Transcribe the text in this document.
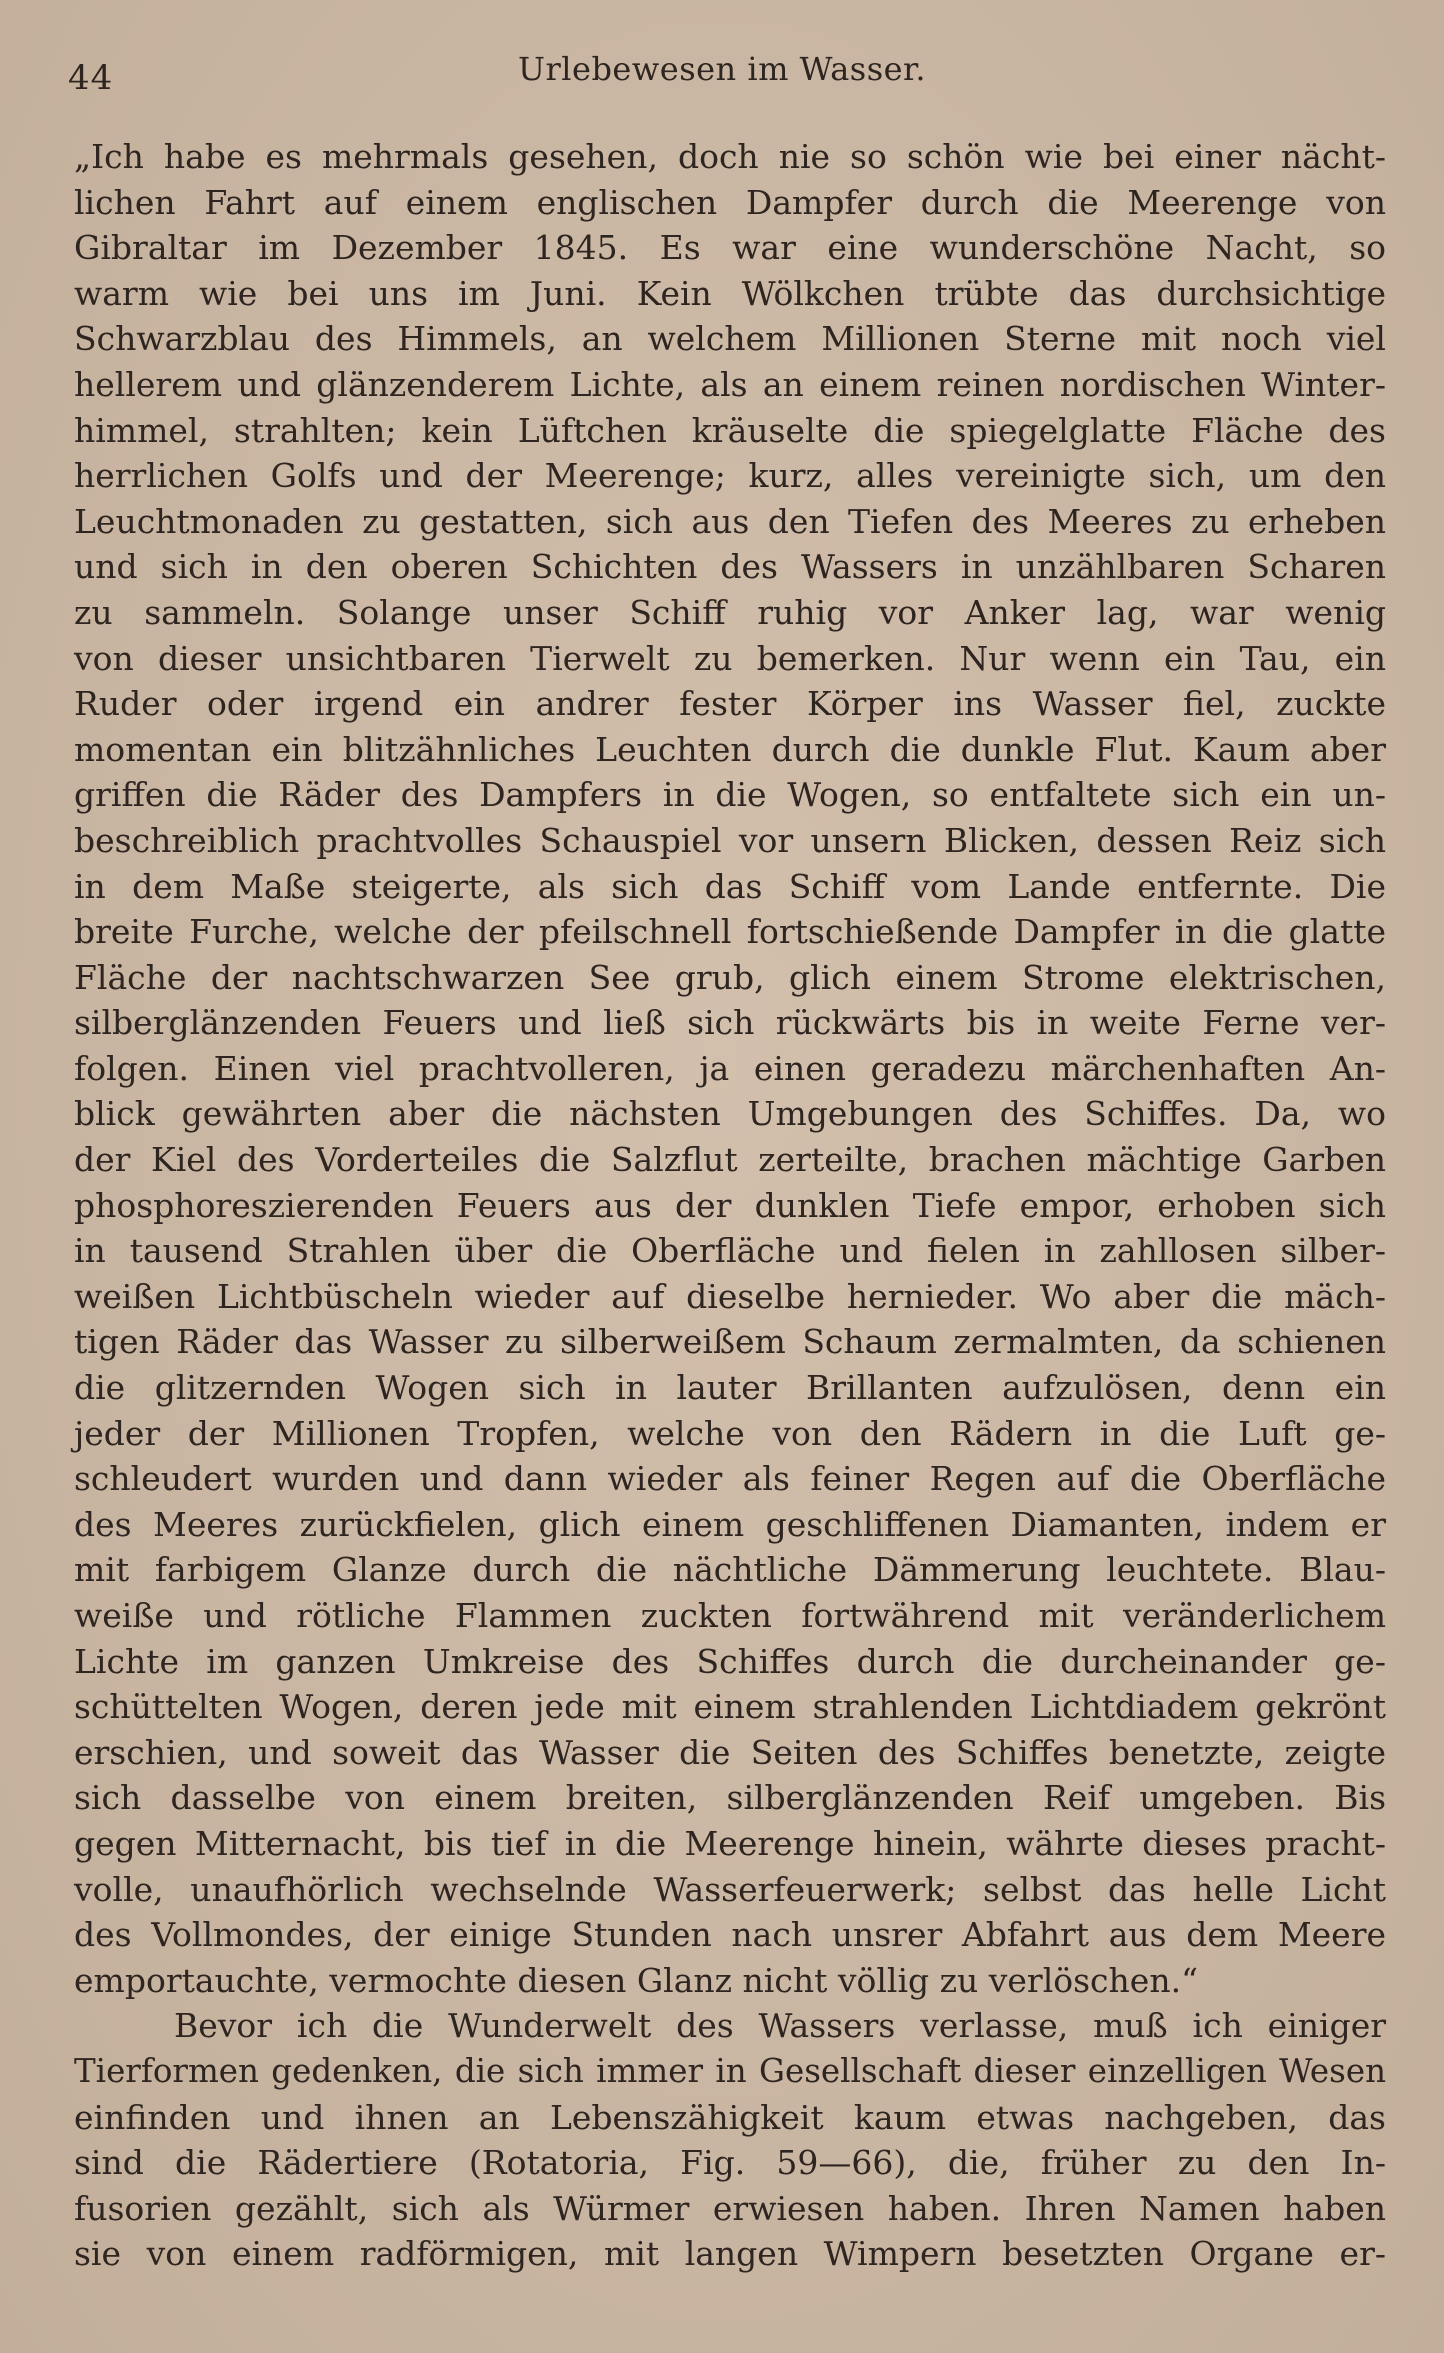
44	Urlebewesen im Wasser.
„Ich habe es mehrmals gesehen, doch nie so schön wie bei einer nächt-
lichen Fahrt auf einem englischen Dampfer durch die Meerenge von
Gibraltar im Dezember 1845. Es war eine wunderschöne Nacht, so
warm wie bei uns im Juni. Kein Wölkchen trübte das durchsichtige
Schwarzblau des Himmels, an welchem Millionen Sterne mit noch viel
hellerem und glänzenderem Lichte, als an einem reinen nordischen Winter-
himmel, strahlten; kein Lüftchen kräuselte die spiegelglatte Fläche des
herrlichen Golfs und der Meerenge; kurz, alles vereinigte sich, um den
Leuchtmonaden zu gestatten, sich aus den Tiefen des Meeres zu erheben
und sich in den oberen Schichten des Wassers in unzählbaren Scharen
zu sammeln. Solange unser Schiff ruhig vor Anker lag, war wenig
von dieser unsichtbaren Tierwelt zu bemerken. Nur wenn ein Tau, ein
Ruder oder irgend ein andrer fester Körper ins Wasser fiel, zuckte
momentan ein blitzähnliches Leuchten durch die dunkle Flut. Kaum aber
griffen die Räder des Dampfers in die Wogen, so entfaltete sich ein un-
beschreiblich prachtvolles Schauspiel vor unsern Blicken, dessen Reiz sich
in dem Maße steigerte, als sich das Schiff vom Lande entfernte. Die
breite Furche, welche der pfeilschnell fortschießende Dampfer in die glatte
Fläche der nachtschwarzen See grub, glich einem Strome elektrischen,
silberglänzenden Feuers und ließ sich rückwärts bis in weite Ferne ver-
folgen. Einen viel prachtvolleren, ja einen geradezu märchenhaften An-
blick gewährten aber die nächsten Umgebungen des Schiffes. Da, wo
der Kiel des Vorderteiles die Salzflut zerteilte, brachen mächtige Garben
phosphoreszierenden Feuers aus der dunklen Tiefe empor, erhoben sich
in tausend Strahlen über die Oberfläche und fielen in zahllosen silber-
weißen Lichtbüscheln wieder auf dieselbe hernieder. Wo aber die mäch-
tigen Räder das Wasser zu silberweißem Schaum zermalmten, da schienen
die glitzernden Wogen sich in lauter Brillanten aufzulösen, denn ein
jeder der Millionen Tropfen, welche von den Rädern in die Luft ge-
schleudert wurden und dann wieder als feiner Regen auf die Oberfläche
des Meeres zurückfielen, glich einem geschliffenen Diamanten, indem er
mit farbigem Glanze durch die nächtliche Dämmerung leuchtete. Blau-
weiße und rötliche Flammen zuckten fortwährend mit veränderlichem
Lichte im ganzen Umkreise des Schiffes durch die durcheinander ge-
schüttelten Wogen, deren jede mit einem strahlenden Lichtdiadem gekrönt
erschien, und soweit das Wasser die Seiten des Schiffes benetzte, zeigte
sich dasselbe von einem breiten, silberglänzenden Reif umgeben. Bis
gegen Mitternacht, bis tief in die Meerenge hinein, währte dieses pracht-
volle, unaufhörlich wechselnde Wasserfeuerwerk; selbst das helle Licht
des Vollmondes, der einige Stunden nach unsrer Abfahrt aus dem Meere
emportauchte, vermochte diesen Glanz nicht völlig zu verlöschen.“
Bevor ich die Wunderwelt des Wassers verlasse, muß ich einiger
Tierformen gedenken, die sich immer in Gesellschaft dieser einzelligen Wesen
einfinden und ihnen an Lebenszähigkeit kaum etwas nachgeben, das
sind die Rädertiere (Rotatoria, Fig. 59—66), die, früher zu den In-
fusorien gezählt, sich als Würmer erwiesen haben. Ihren Namen haben
sie von einem radförmigen, mit langen Wimpern besetzten Organe er-
